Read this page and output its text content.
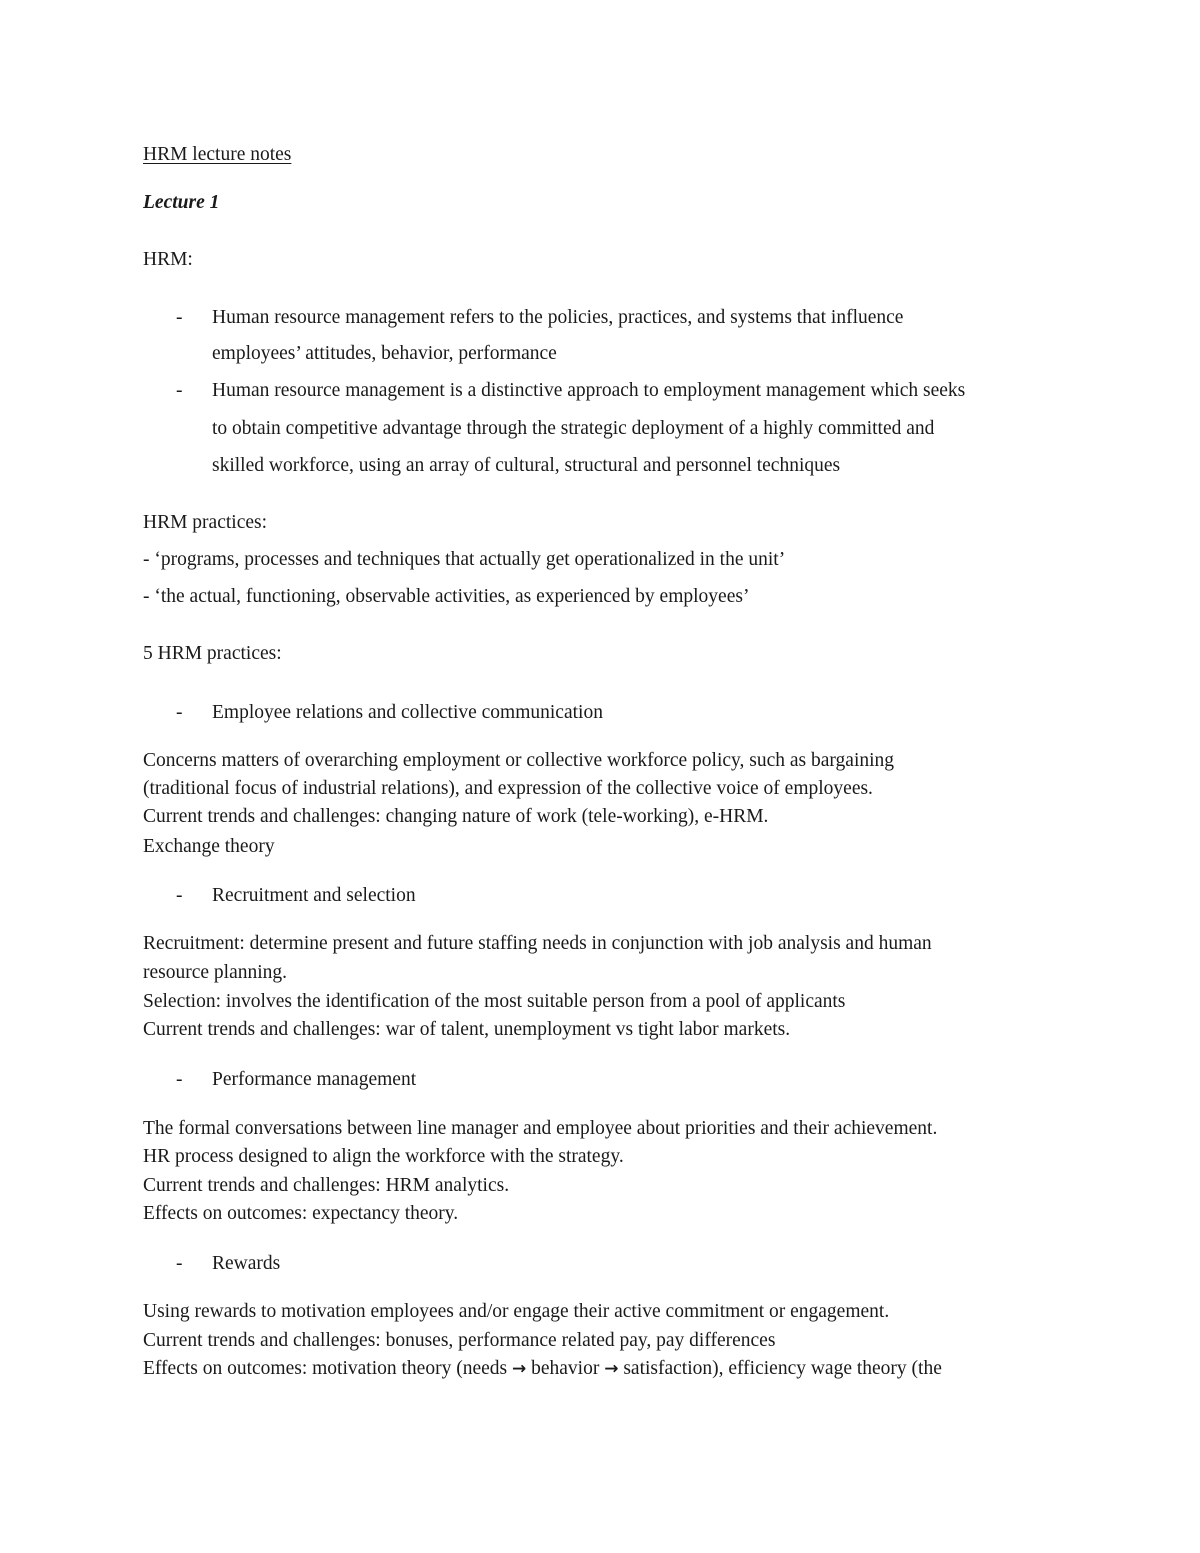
HRM lecture notes
Lecture 1
HRM:
- Human resource management refers to the policies, practices, and systems that influence
employees’ attitudes, behavior, performance
- Human resource management is a distinctive approach to employment management which seeks
to obtain competitive advantage through the strategic deployment of a highly committed and
skilled workforce, using an array of cultural, structural and personnel techniques
HRM practices:
- ‘programs, processes and techniques that actually get operationalized in the unit’
- ‘the actual, functioning, observable activities, as experienced by employees’
5 HRM practices:
- Employee relations and collective communication
Concerns matters of overarching employment or collective workforce policy, such as bargaining
(traditional focus of industrial relations), and expression of the collective voice of employees.
Current trends and challenges: changing nature of work (tele-working), e-HRM.
Exchange theory
- Recruitment and selection
Recruitment: determine present and future staffing needs in conjunction with job analysis and human
resource planning.
Selection: involves the identification of the most suitable person from a pool of applicants
Current trends and challenges: war of talent, unemployment vs tight labor markets.
- Performance management
The formal conversations between line manager and employee about priorities and their achievement.
HR process designed to align the workforce with the strategy.
Current trends and challenges: HRM analytics.
Effects on outcomes: expectancy theory.
- Rewards
Using rewards to motivation employees and/or engage their active commitment or engagement.
Current trends and challenges: bonuses, performance related pay, pay differences
Effects on outcomes: motivation theory (needs → behavior → satisfaction), efficiency wage theory (the
